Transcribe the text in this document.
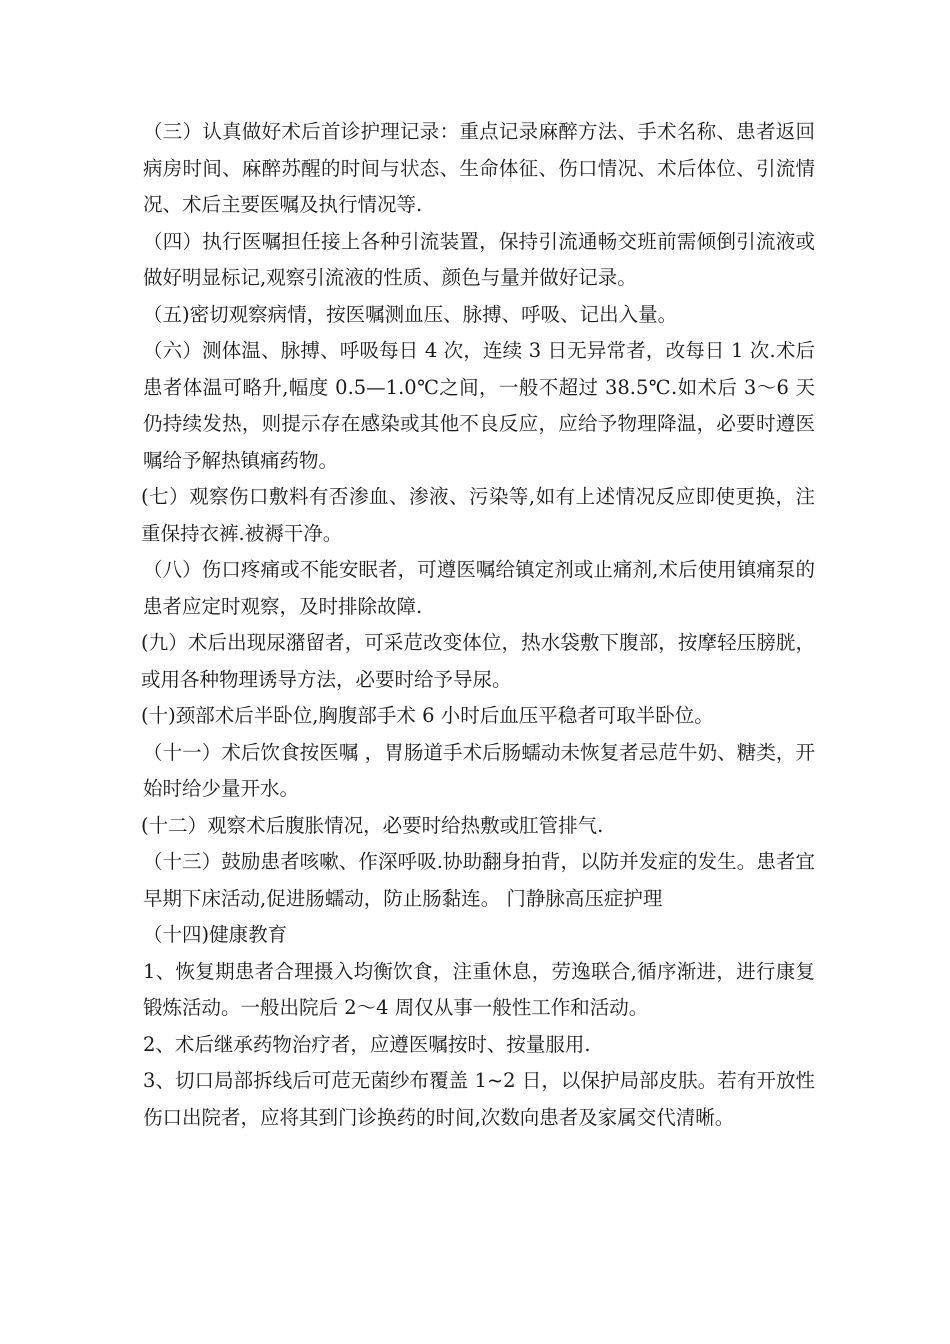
（三）认真做好术后首诊护理记录：重点记录麻醉方法、手术名称、患者返回病房时间、麻醉苏醒的时间与状态、生命体征、伤口情况、术后体位、引流情况、术后主要医嘱及执行情况等.

（四）执行医嘱担任接上各种引流装置，保持引流通畅交班前需倾倒引流液或做好明显标记,观察引流液的性质、颜色与量并做好记录。

（五)密切观察病情，按医嘱测血压、脉搏、呼吸、记出入量。

（六）测体温、脉搏、呼吸每日 4 次，连续 3 日无异常者，改每日 1 次.术后患者体温可略升,幅度 0.5—1.0℃之间，一般不超过 38.5℃.如术后 3～6 天仍持续发热，则提示存在感染或其他不良反应，应给予物理降温，必要时遵医嘱给予解热镇痛药物。

(七）观察伤口敷料有否渗血、渗液、污染等,如有上述情况反应即使更换，注重保持衣裤.被褥干净。

（八）伤口疼痛或不能安眠者，可遵医嘱给镇定剂或止痛剂,术后使用镇痛泵的患者应定时观察，及时排除故障.

(九）术后出现尿潴留者，可采苊改变体位，热水袋敷下腹部，按摩轻压膀胱，或用各种物理诱导方法，必要时给予导尿。

(十)颈部术后半卧位,胸腹部手术 6 小时后血压平稳者可取半卧位。

（十一）术后饮食按医嘱 ，胃肠道手术后肠蠕动未恢复者忌苊牛奶、糖类，开始时给少量开水。

(十二）观察术后腹胀情况，必要时给热敷或肛管排气.

（十三）鼓励患者咳嗽、作深呼吸.协助翻身拍背，以防并发症的发生。患者宜早期下床活动,促进肠蠕动，防止肠黏连。 门静脉高压症护理

（十四)健康教育

1、恢复期患者合理摄入均衡饮食，注重休息，劳逸联合,循序渐进，进行康复锻炼活动。一般出院后 2～4 周仅从事一般性工作和活动。

2、术后继承药物治疗者，应遵医嘱按时、按量服用.

3、切口局部拆线后可苊无菌纱布覆盖 1~2 日，以保护局部皮肤。若有开放性伤口出院者，应将其到门诊换药的时间,次数向患者及家属交代清晰。
